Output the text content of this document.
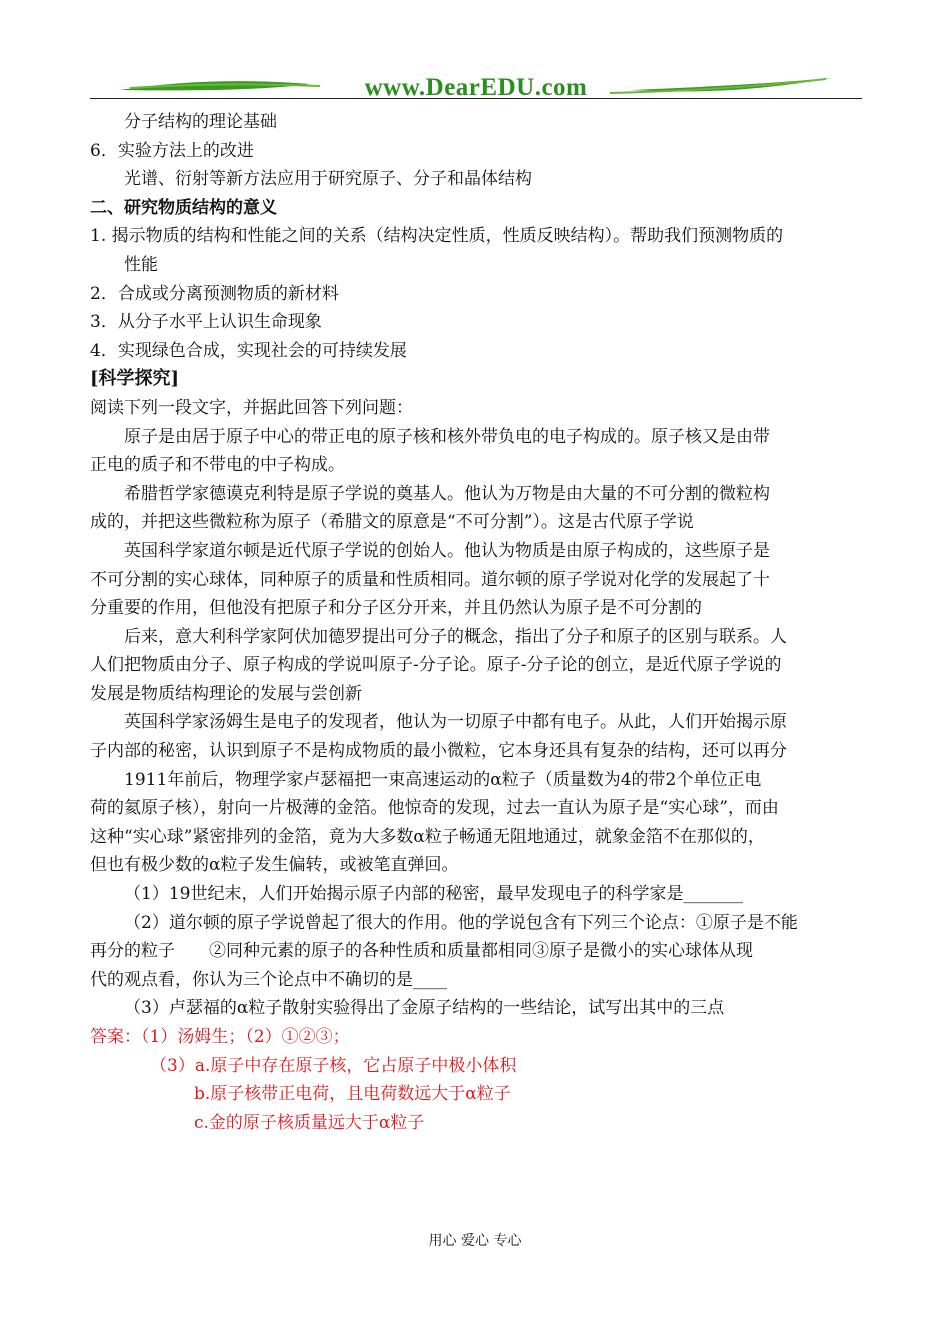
www.DearEDU.com
分子结构的理论基础
6．实验方法上的改进
光谱、衍射等新方法应用于研究原子、分子和晶体结构
二、研究物质结构的意义
1. 揭示物质的结构和性能之间的关系（结构决定性质，性质反映结构）。帮助我们预测物质的
性能
2．合成或分离预测物质的新材料
3．从分子水平上认识生命现象
4．实现绿色合成，实现社会的可持续发展
[科学探究]
阅读下列一段文字，并据此回答下列问题：
原子是由居于原子中心的带正电的原子核和核外带负电的电子构成的。原子核又是由带
正电的质子和不带电的中子构成。
希腊哲学家德谟克利特是原子学说的奠基人。他认为万物是由大量的不可分割的微粒构
成的，并把这些微粒称为原子（希腊文的原意是“不可分割”）。这是古代原子学说
英国科学家道尔顿是近代原子学说的创始人。他认为物质是由原子构成的，这些原子是
不可分割的实心球体，同种原子的质量和性质相同。道尔顿的原子学说对化学的发展起了十
分重要的作用，但他没有把原子和分子区分开来，并且仍然认为原子是不可分割的
后来，意大利科学家阿伏加德罗提出可分子的概念，指出了分子和原子的区别与联系。人
人们把物质由分子、原子构成的学说叫原子-分子论。原子-分子论的创立，是近代原子学说的
发展是物质结构理论的发展与尝创新
英国科学家汤姆生是电子的发现者，他认为一切原子中都有电子。从此，人们开始揭示原
子内部的秘密，认识到原子不是构成物质的最小微粒，它本身还具有复杂的结构，还可以再分
1911年前后，物理学家卢瑟福把一束高速运动的α粒子（质量数为4的带2个单位正电
荷的氦原子核），射向一片极薄的金箔。他惊奇的发现，过去一直认为原子是“实心球”，而由
这种“实心球”紧密排列的金箔，竟为大多数α粒子畅通无阻地通过，就象金箔不在那似的，
但也有极少数的α粒子发生偏转，或被笔直弹回。
（1）19世纪末，人们开始揭示原子内部的秘密，最早发现电子的科学家是_______
（2）道尔顿的原子学说曾起了很大的作用。他的学说包含有下列三个论点：①原子是不能
再分的粒子　　②同种元素的原子的各种性质和质量都相同③原子是微小的实心球体从现
代的观点看，你认为三个论点中不确切的是____
（3）卢瑟福的α粒子散射实验得出了金原子结构的一些结论，试写出其中的三点
答案：（1）汤姆生；（2）①②③；
（3）a.原子中存在原子核，它占原子中极小体积
b.原子核带正电荷，且电荷数远大于α粒子
c.金的原子核质量远大于α粒子
用心 爱心 专心
